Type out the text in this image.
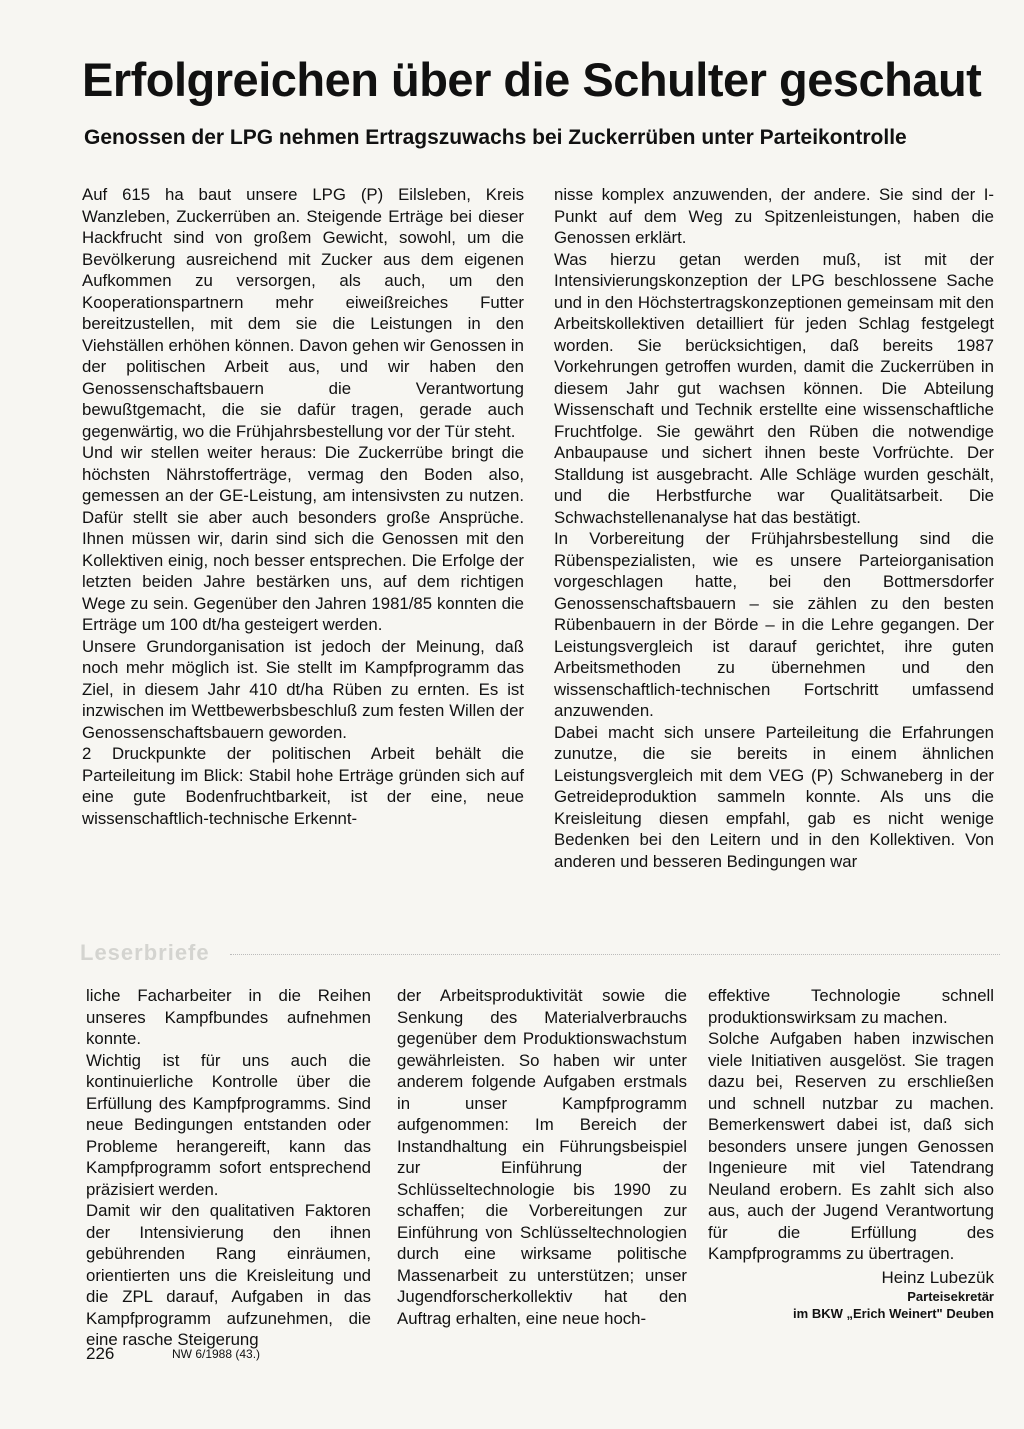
Erfolgreichen über die Schulter geschaut
Genossen der LPG nehmen Ertragszuwachs bei Zuckerrüben unter Parteikontrolle

Auf 615 ha baut unsere LPG (P) Eilsleben, Kreis Wanzleben, Zuckerrüben an. Steigende Erträge bei dieser Hackfrucht sind von großem Gewicht, sowohl, um die Bevölkerung ausreichend mit Zucker aus dem eigenen Aufkommen zu versorgen, als auch, um den Kooperationspartnern mehr eiweißreiches Futter bereitzustellen, mit dem sie die Leistungen in den Viehställen erhöhen können. Davon gehen wir Genossen in der politischen Arbeit aus, und wir haben den Genossenschaftsbauern die Verantwortung bewußtgemacht, die sie dafür tragen, gerade auch gegenwärtig, wo die Frühjahrsbestellung vor der Tür steht.

Und wir stellen weiter heraus: Die Zuckerrübe bringt die höchsten Nährstofferträge, vermag den Boden also, gemessen an der GE-Leistung, am intensivsten zu nutzen. Dafür stellt sie aber auch besonders große Ansprüche. Ihnen müssen wir, darin sind sich die Genossen mit den Kollektiven einig, noch besser entsprechen. Die Erfolge der letzten beiden Jahre bestärken uns, auf dem richtigen Wege zu sein. Gegenüber den Jahren 1981/85 konnten die Erträge um 100 dt/ha gesteigert werden.

Unsere Grundorganisation ist jedoch der Meinung, daß noch mehr möglich ist. Sie stellt im Kampfprogramm das Ziel, in diesem Jahr 410 dt/ha Rüben zu ernten. Es ist inzwischen im Wettbewerbsbeschluß zum festen Willen der Genossenschaftsbauern geworden.

2 Druckpunkte der politischen Arbeit behält die Parteileitung im Blick: Stabil hohe Erträge gründen sich auf eine gute Bodenfruchtbarkeit, ist der eine, neue wissenschaftlich-technische Erkennt-

nisse komplex anzuwenden, der andere. Sie sind der I-Punkt auf dem Weg zu Spitzenleistungen, haben die Genossen erklärt.

Was hierzu getan werden muß, ist mit der Intensivierungskonzeption der LPG beschlossene Sache und in den Höchstertragskonzeptionen gemeinsam mit den Arbeitskollektiven detailliert für jeden Schlag festgelegt worden. Sie berücksichtigen, daß bereits 1987 Vorkehrungen getroffen wurden, damit die Zuckerrüben in diesem Jahr gut wachsen können. Die Abteilung Wissenschaft und Technik erstellte eine wissenschaftliche Fruchtfolge. Sie gewährt den Rüben die notwendige Anbaupause und sichert ihnen beste Vorfrüchte. Der Stalldung ist ausgebracht. Alle Schläge wurden geschält, und die Herbstfurche war Qualitätsarbeit. Die Schwachstellenanalyse hat das bestätigt.

In Vorbereitung der Frühjahrsbestellung sind die Rübenspezialisten, wie es unsere Parteiorganisation vorgeschlagen hatte, bei den Bottmersdorfer Genossenschaftsbauern – sie zählen zu den besten Rübenbauern in der Börde – in die Lehre gegangen. Der Leistungsvergleich ist darauf gerichtet, ihre guten Arbeitsmethoden zu übernehmen und den wissenschaftlich-technischen Fortschritt umfassend anzuwenden.

Dabei macht sich unsere Parteileitung die Erfahrungen zunutze, die sie bereits in einem ähnlichen Leistungsvergleich mit dem VEG (P) Schwaneberg in der Getreideproduktion sammeln konnte. Als uns die Kreisleitung diesen empfahl, gab es nicht wenige Bedenken bei den Leitern und in den Kollektiven. Von anderen und besseren Bedingungen war

Leserbriefe

liche Facharbeiter in die Reihen unseres Kampfbundes aufnehmen konnte.

Wichtig ist für uns auch die kontinuierliche Kontrolle über die Erfüllung des Kampfprogramms. Sind neue Bedingungen entstanden oder Probleme herangereift, kann das Kampfprogramm sofort entsprechend präzisiert werden.

Damit wir den qualitativen Faktoren der Intensivierung den ihnen gebührenden Rang einräumen, orientierten uns die Kreisleitung und die ZPL darauf, Aufgaben in das Kampfprogramm aufzunehmen, die eine rasche Steigerung

der Arbeitsproduktivität sowie die Senkung des Materialverbrauchs gegenüber dem Produktionswachstum gewährleisten. So haben wir unter anderem folgende Aufgaben erstmals in unser Kampfprogramm aufgenommen: Im Bereich der Instandhaltung ein Führungsbeispiel zur Einführung der Schlüsseltechnologie bis 1990 zu schaffen; die Vorbereitungen zur Einführung von Schlüsseltechnologien durch eine wirksame politische Massenarbeit zu unterstützen; unser Jugendforscherkollektiv hat den Auftrag erhalten, eine neue hoch-

effektive Technologie schnell produktionswirksam zu machen.

Solche Aufgaben haben inzwischen viele Initiativen ausgelöst. Sie tragen dazu bei, Reserven zu erschließen und schnell nutzbar zu machen. Bemerkenswert dabei ist, daß sich besonders unsere jungen Genossen Ingenieure mit viel Tatendrang Neuland erobern. Es zahlt sich also aus, auch der Jugend Verantwortung für die Erfüllung des Kampfprogramms zu übertragen.

Heinz Lubezük
Parteisekretär
im BKW „Erich Weinert" Deuben
226	NW 6/1988 (43.)
